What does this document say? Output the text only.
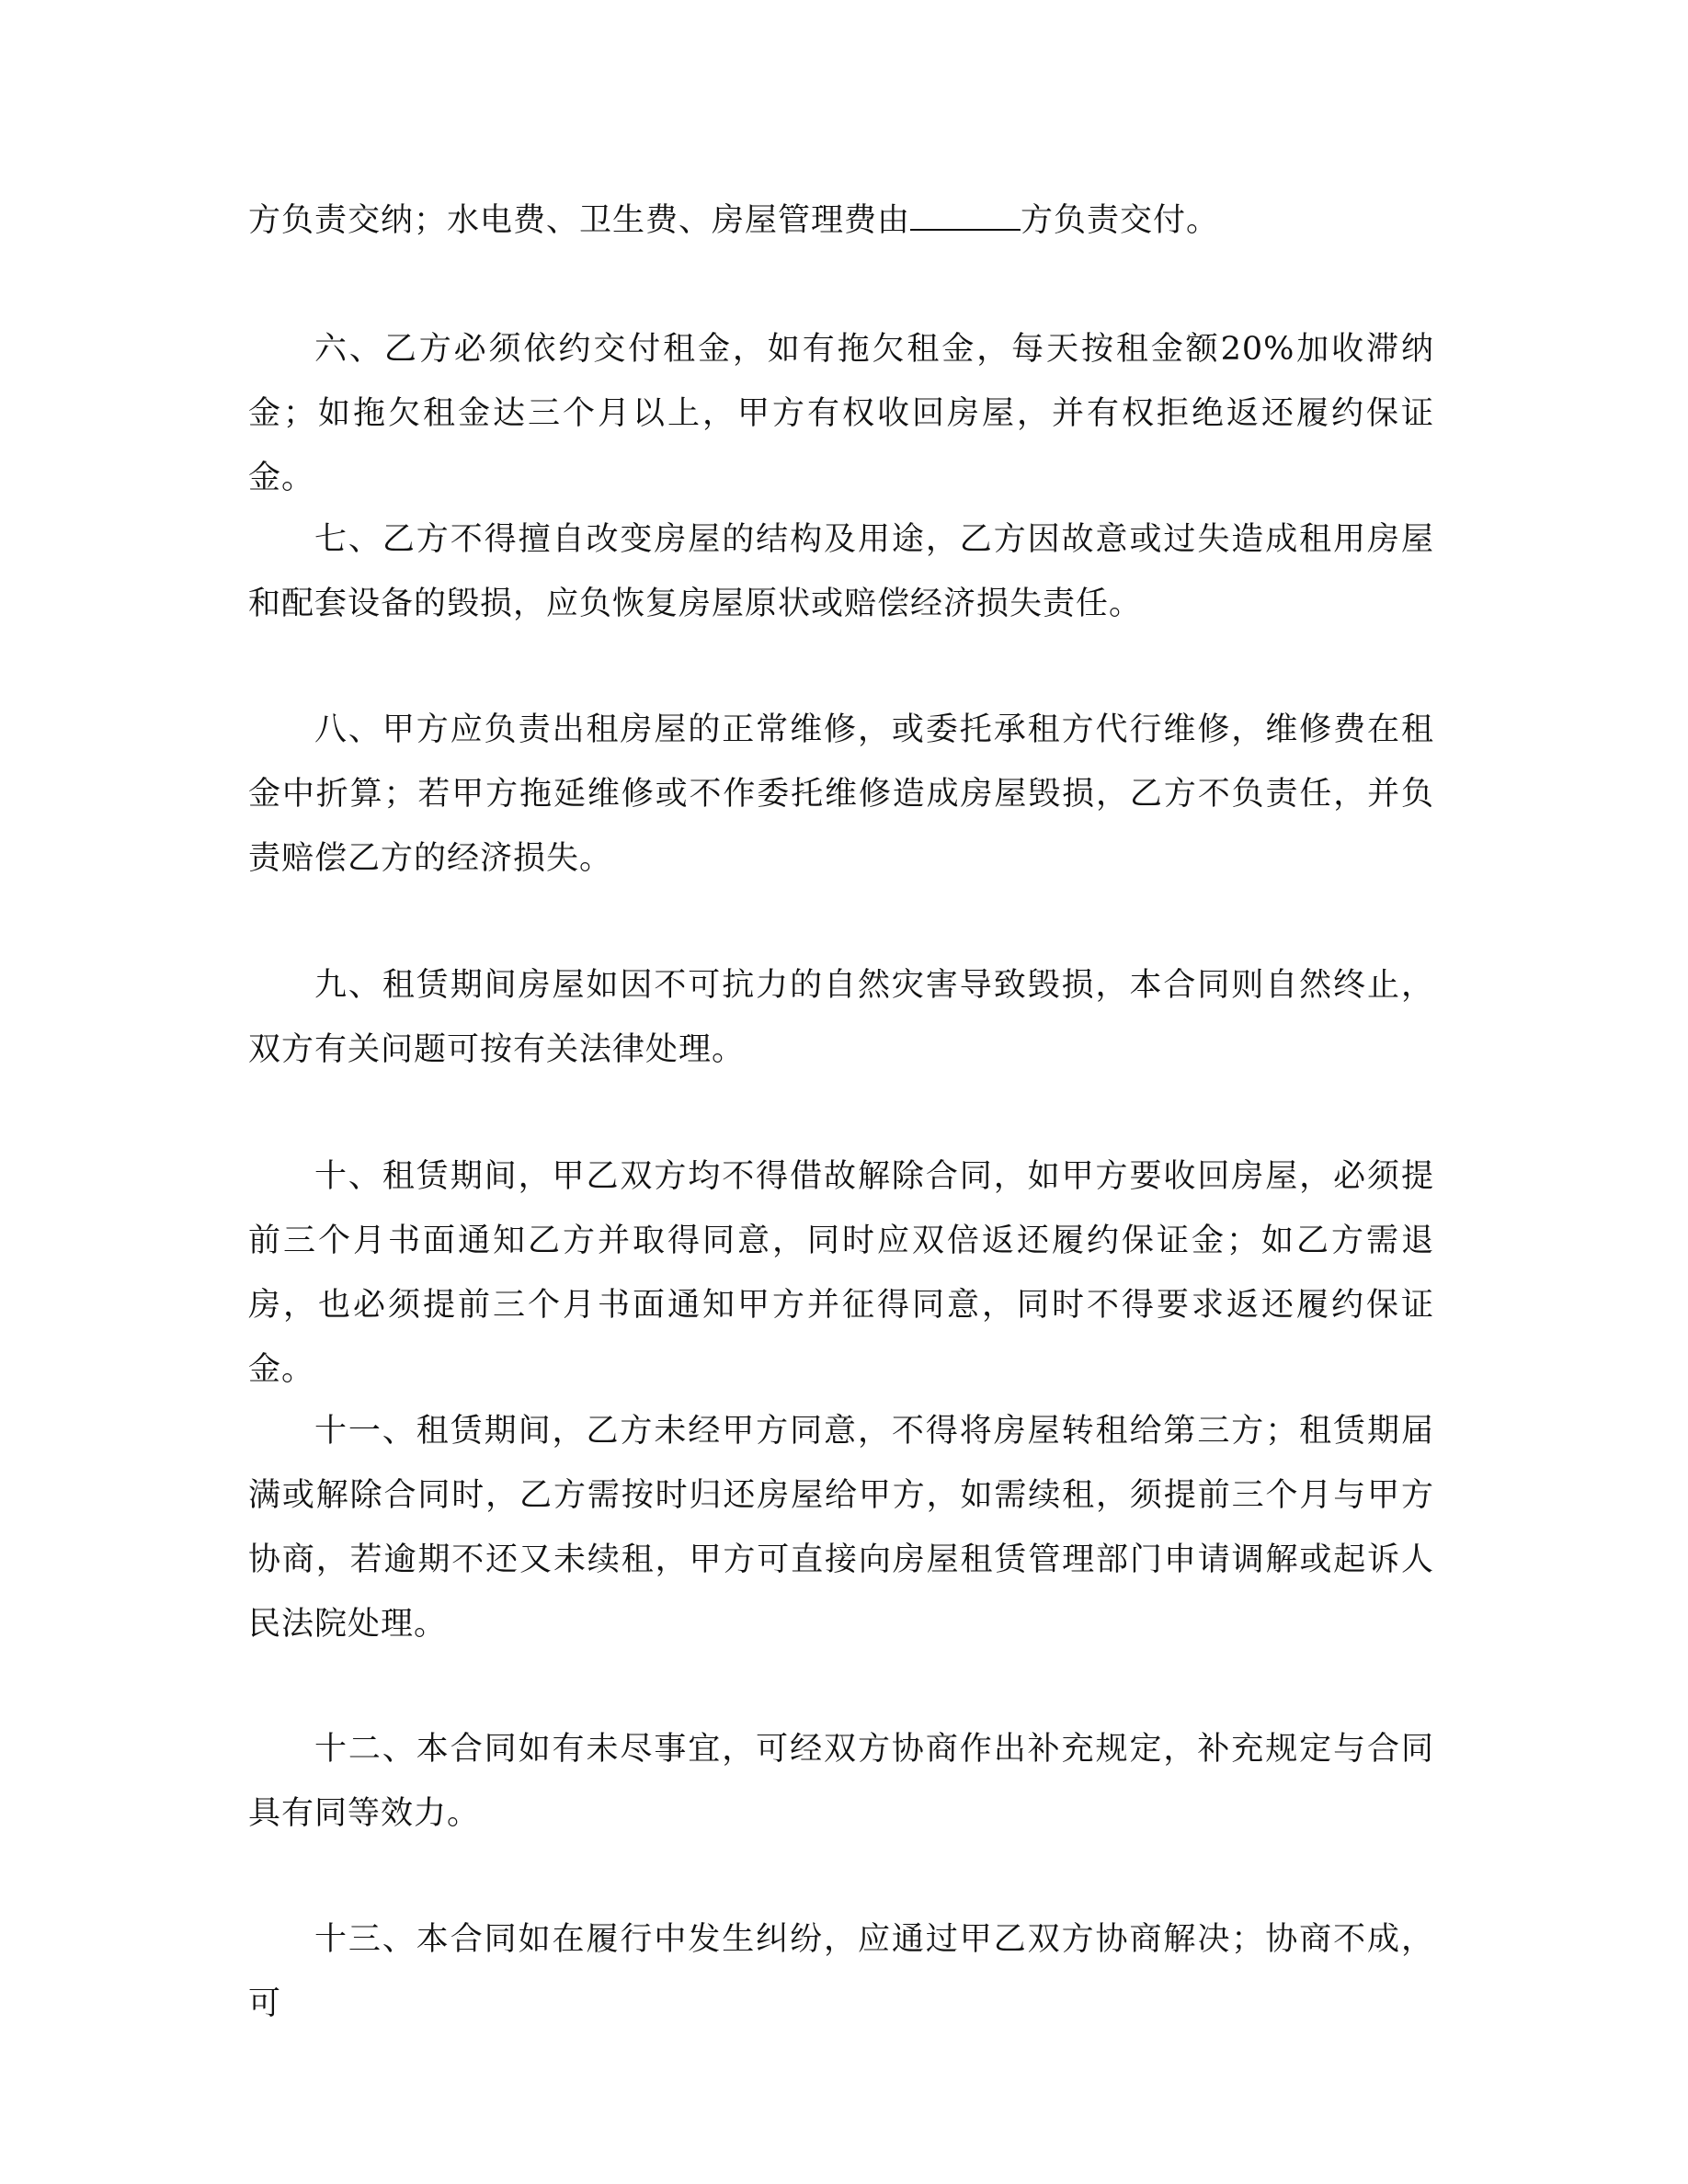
方负责交纳；水电费、卫生费、房屋管理费由	方负责交付。

六、乙方必须依约交付租金，如有拖欠租金，每天按租金额20%加收滞纳金；如拖欠租金达三个月以上，甲方有权收回房屋，并有权拒绝返还履约保证金。

七、乙方不得擅自改变房屋的结构及用途，乙方因故意或过失造成租用房屋和配套设备的毁损，应负恢复房屋原状或赔偿经济损失责任。

八、甲方应负责出租房屋的正常维修，或委托承租方代行维修，维修费在租金中折算；若甲方拖延维修或不作委托维修造成房屋毁损，乙方不负责任，并负责赔偿乙方的经济损失。

九、租赁期间房屋如因不可抗力的自然灾害导致毁损，本合同则自然终止，双方有关问题可按有关法律处理。

十、租赁期间，甲乙双方均不得借故解除合同，如甲方要收回房屋，必须提前三个月书面通知乙方并取得同意，同时应双倍返还履约保证金；如乙方需退房，也必须提前三个月书面通知甲方并征得同意，同时不得要求返还履约保证金。

十一、租赁期间，乙方未经甲方同意，不得将房屋转租给第三方；租赁期届满或解除合同时，乙方需按时归还房屋给甲方，如需续租，须提前三个月与甲方协商，若逾期不还又未续租，甲方可直接向房屋租赁管理部门申请调解或起诉人民法院处理。

十二、本合同如有未尽事宜，可经双方协商作出补充规定，补充规定与合同具有同等效力。

十三、本合同如在履行中发生纠纷，应通过甲乙双方协商解决；协商不成，可
